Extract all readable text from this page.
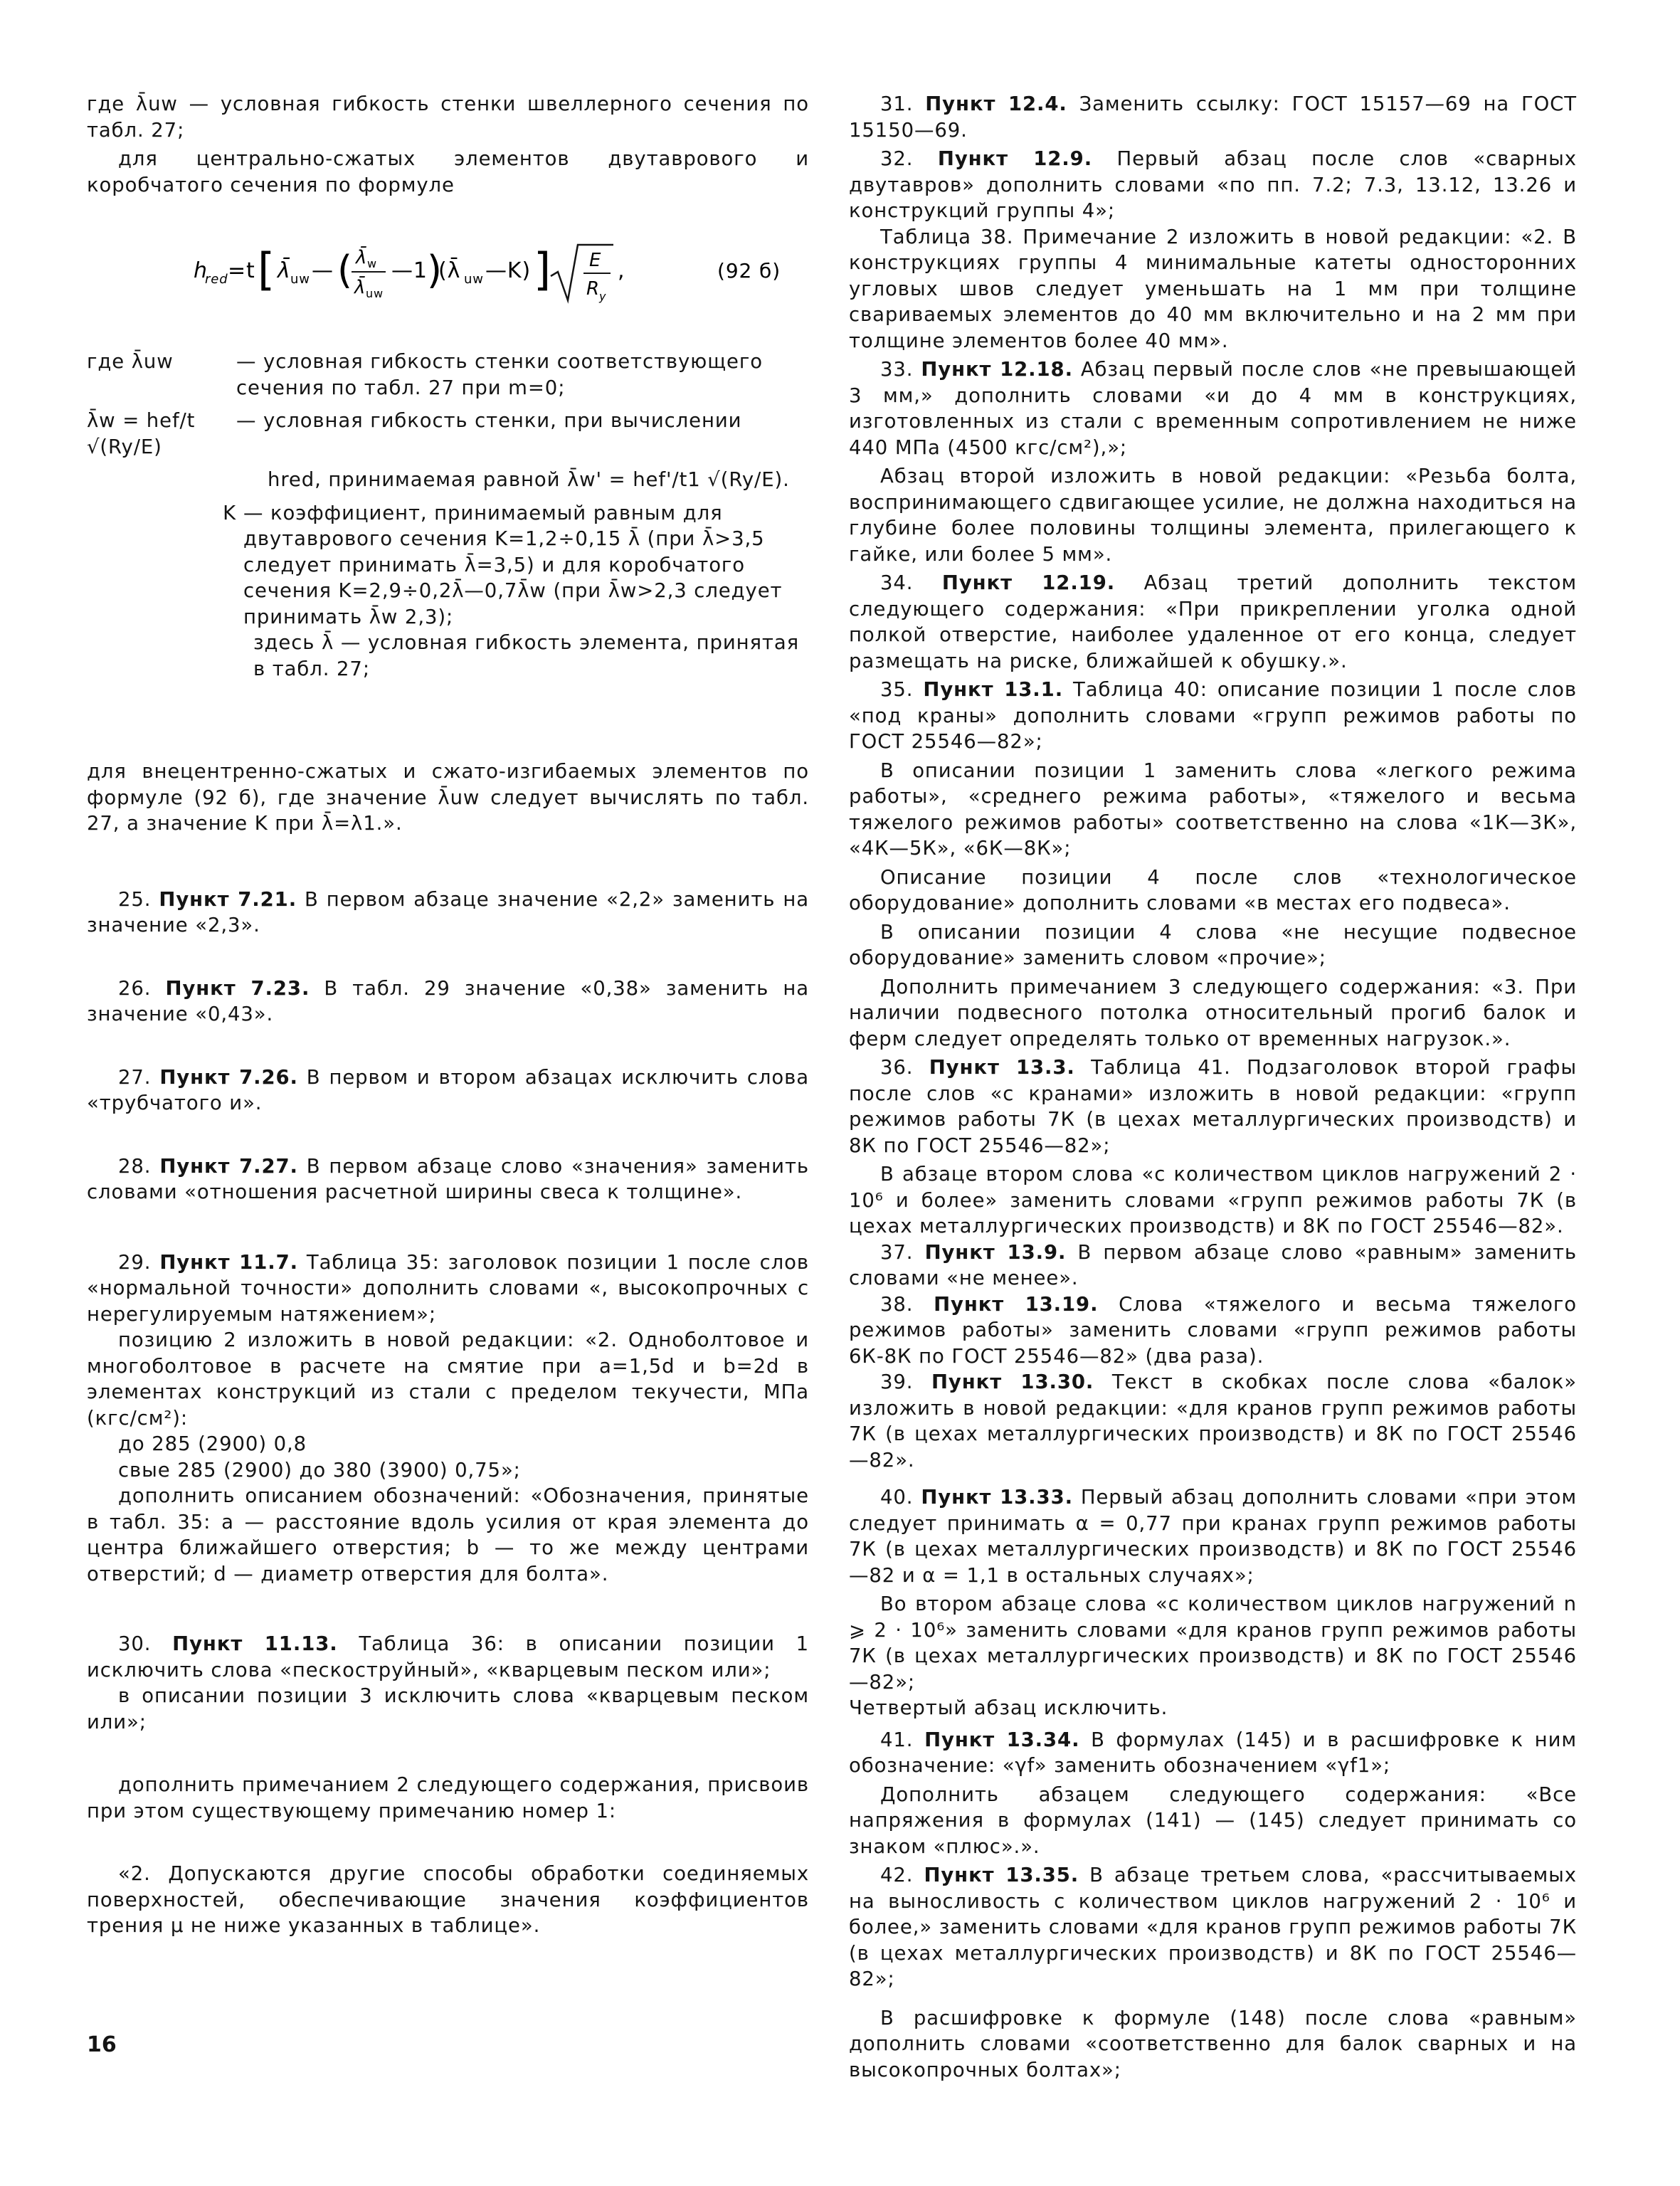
где λ̄uw — условная гибкость стенки швеллерного сечения по табл. 27;

для центрально-сжатых элементов двутаврового и коробчатого сечения по формуле

h
red =t [ λ̄ uw — ( λ̄ w
λ̄ uw
—1 )
(λ̄ uw —K) ] E
R y
,	(92 б)
где λ̄uw	— условная гибкость стенки соответствующего сечения по табл. 27 при m=0;
λ̄w = hef/t √(Ry/E)
— условная гибкость стенки, при вычислении
hred, принимаемая равной λ̄w' = hef'/t1 √(Ry/E).
K — коэффициент, принимаемый равным для двутаврового сечения K=1,2÷0,15 λ̄ (при λ̄>3,5 следует принимать λ̄=3,5) и для коробчатого сечения K=2,9÷0,2λ̄—0,7λ̄w (при λ̄w>2,3 следует принимать λ̄w 2,3);
здесь λ̄ — условная гибкость элемента, принятая в табл. 27;

для внецентренно-сжатых и сжато-изгибаемых элементов по формуле (92 б), где значение λ̄uw следует вычислять по табл. 27, а значение K при λ̄=λ1.».

25. Пункт 7.21. В первом абзаце значение «2,2» заменить на значение «2,3».

26. Пункт 7.23. В табл. 29 значение «0,38» заменить на значение «0,43».

27. Пункт 7.26. В первом и втором абзацах исключить слова «трубчатого и».

28. Пункт 7.27. В первом абзаце слово «значения» заменить словами «отношения расчетной ширины свеса к толщине».

29. Пункт 11.7. Таблица 35: заголовок позиции 1 после слов «нормальной точности» дополнить словами «, высокопрочных с нерегулируемым натяжением»;

позицию 2 изложить в новой редакции: «2. Одноболтовое и многоболтовое в расчете на смятие при a=1,5d и b=2d в элементах конструкций из стали с пределом текучести, МПа (кгс/см²):

до 285 (2900) 0,8

свые 285 (2900) до 380 (3900) 0,75»;

дополнить описанием обозначений: «Обозначения, принятые в табл. 35: a — расстояние вдоль усилия от края элемента до центра ближайшего отверстия; b — то же между центрами отверстий; d — диаметр отверстия для болта».

30. Пункт 11.13. Таблица 36: в описании позиции 1 исключить слова «пескоструйный», «кварцевым песком или»;

в описании позиции 3 исключить слова «кварцевым песком или»;

дополнить примечанием 2 следующего содержания, присвоив при этом существующему примечанию номер 1:

«2. Допускаются другие способы обработки соединяемых поверхностей, обеспечивающие значения коэффициентов трения μ не ниже указанных в таблице».

31. Пункт 12.4. Заменить ссылку: ГОСТ 15157—69 на ГОСТ 15150—69.

32. Пункт 12.9. Первый абзац после слов «сварных двутавров» дополнить словами «по пп. 7.2; 7.3, 13.12, 13.26 и конструкций группы 4»;

Таблица 38. Примечание 2 изложить в новой редакции: «2. В конструкциях группы 4 минимальные катеты односторонних угловых швов следует уменьшать на 1 мм при толщине свариваемых элементов до 40 мм включительно и на 2 мм при толщине элементов более 40 мм».

33. Пункт 12.18. Абзац первый после слов «не превышающей 3 мм,» дополнить словами «и до 4 мм в конструкциях, изготовленных из стали с временным сопротивлением не ниже 440 МПа (4500 кгс/см²),»;

Абзац второй изложить в новой редакции: «Резьба болта, воспринимающего сдвигающее усилие, не должна находиться на глубине более половины толщины элемента, прилегающего к гайке, или более 5 мм».

34. Пункт 12.19. Абзац третий дополнить текстом следующего содержания: «При прикреплении уголка одной полкой отверстие, наиболее удаленное от его конца, следует размещать на риске, ближайшей к обушку.».

35. Пункт 13.1. Таблица 40: описание позиции 1 после слов «под краны» дополнить словами «групп режимов работы по ГОСТ 25546—82»;

В описании позиции 1 заменить слова «легкого режима работы», «среднего режима работы», «тяжелого и весьма тяжелого режимов работы» соответственно на слова «1К—3К», «4К—5К», «6К—8К»;

Описание позиции 4 после слов «технологическое оборудование» дополнить словами «в местах его подвеса».

В описании позиции 4 слова «не несущие подвесное оборудование» заменить словом «прочие»;

Дополнить примечанием 3 следующего содержания: «3. При наличии подвесного потолка относительный прогиб балок и ферм следует определять только от временных нагрузок.».

36. Пункт 13.3. Таблица 41. Подзаголовок второй графы после слов «с кранами» изложить в новой редакции: «групп режимов работы 7К (в цехах металлургических производств) и 8К по ГОСТ 25546—82»;

В абзаце втором слова «с количеством циклов нагружений 2 · 10⁶ и более» заменить словами «групп режимов работы 7К (в цехах металлургических производств) и 8К по ГОСТ 25546—82».

37. Пункт 13.9. В первом абзаце слово «равным» заменить словами «не менее».

38. Пункт 13.19. Слова «тяжелого и весьма тяжелого режимов работы» заменить словами «групп режимов работы 6К-8К по ГОСТ 25546—82» (два раза).

39. Пункт 13.30. Текст в скобках после слова «балок» изложить в новой редакции: «для кранов групп режимов работы 7К (в цехах металлургических производств) и 8К по ГОСТ 25546—82».

40. Пункт 13.33. Первый абзац дополнить словами «при этом следует принимать α = 0,77 при кранах групп режимов работы 7К (в цехах металлургических производств) и 8К по ГОСТ 25546—82 и α = 1,1 в остальных случаях»;

Во втором абзаце слова «с количеством циклов нагружений n ⩾ 2 · 10⁶» заменить словами «для кранов групп режимов работы 7К (в цехах металлургических производств) и 8К по ГОСТ 25546—82»;

Четвертый абзац исключить.

41. Пункт 13.34. В формулах (145) и в расшифровке к ним обозначение: «γf» заменить обозначением «γf1»;

Дополнить абзацем следующего содержания: «Все напряжения в формулах (141) — (145) следует принимать со знаком «плюс».».

42. Пункт 13.35. В абзаце третьем слова, «рассчитываемых на выносливость с количеством циклов нагружений 2 · 10⁶ и более,» заменить словами «для кранов групп режимов работы 7К (в цехах металлургических производств) и 8К по ГОСТ 25546—82»;

В расшифровке к формуле (148) после слова «равным» дополнить словами «соответственно для балок сварных и на высокопрочных болтах»;

16
